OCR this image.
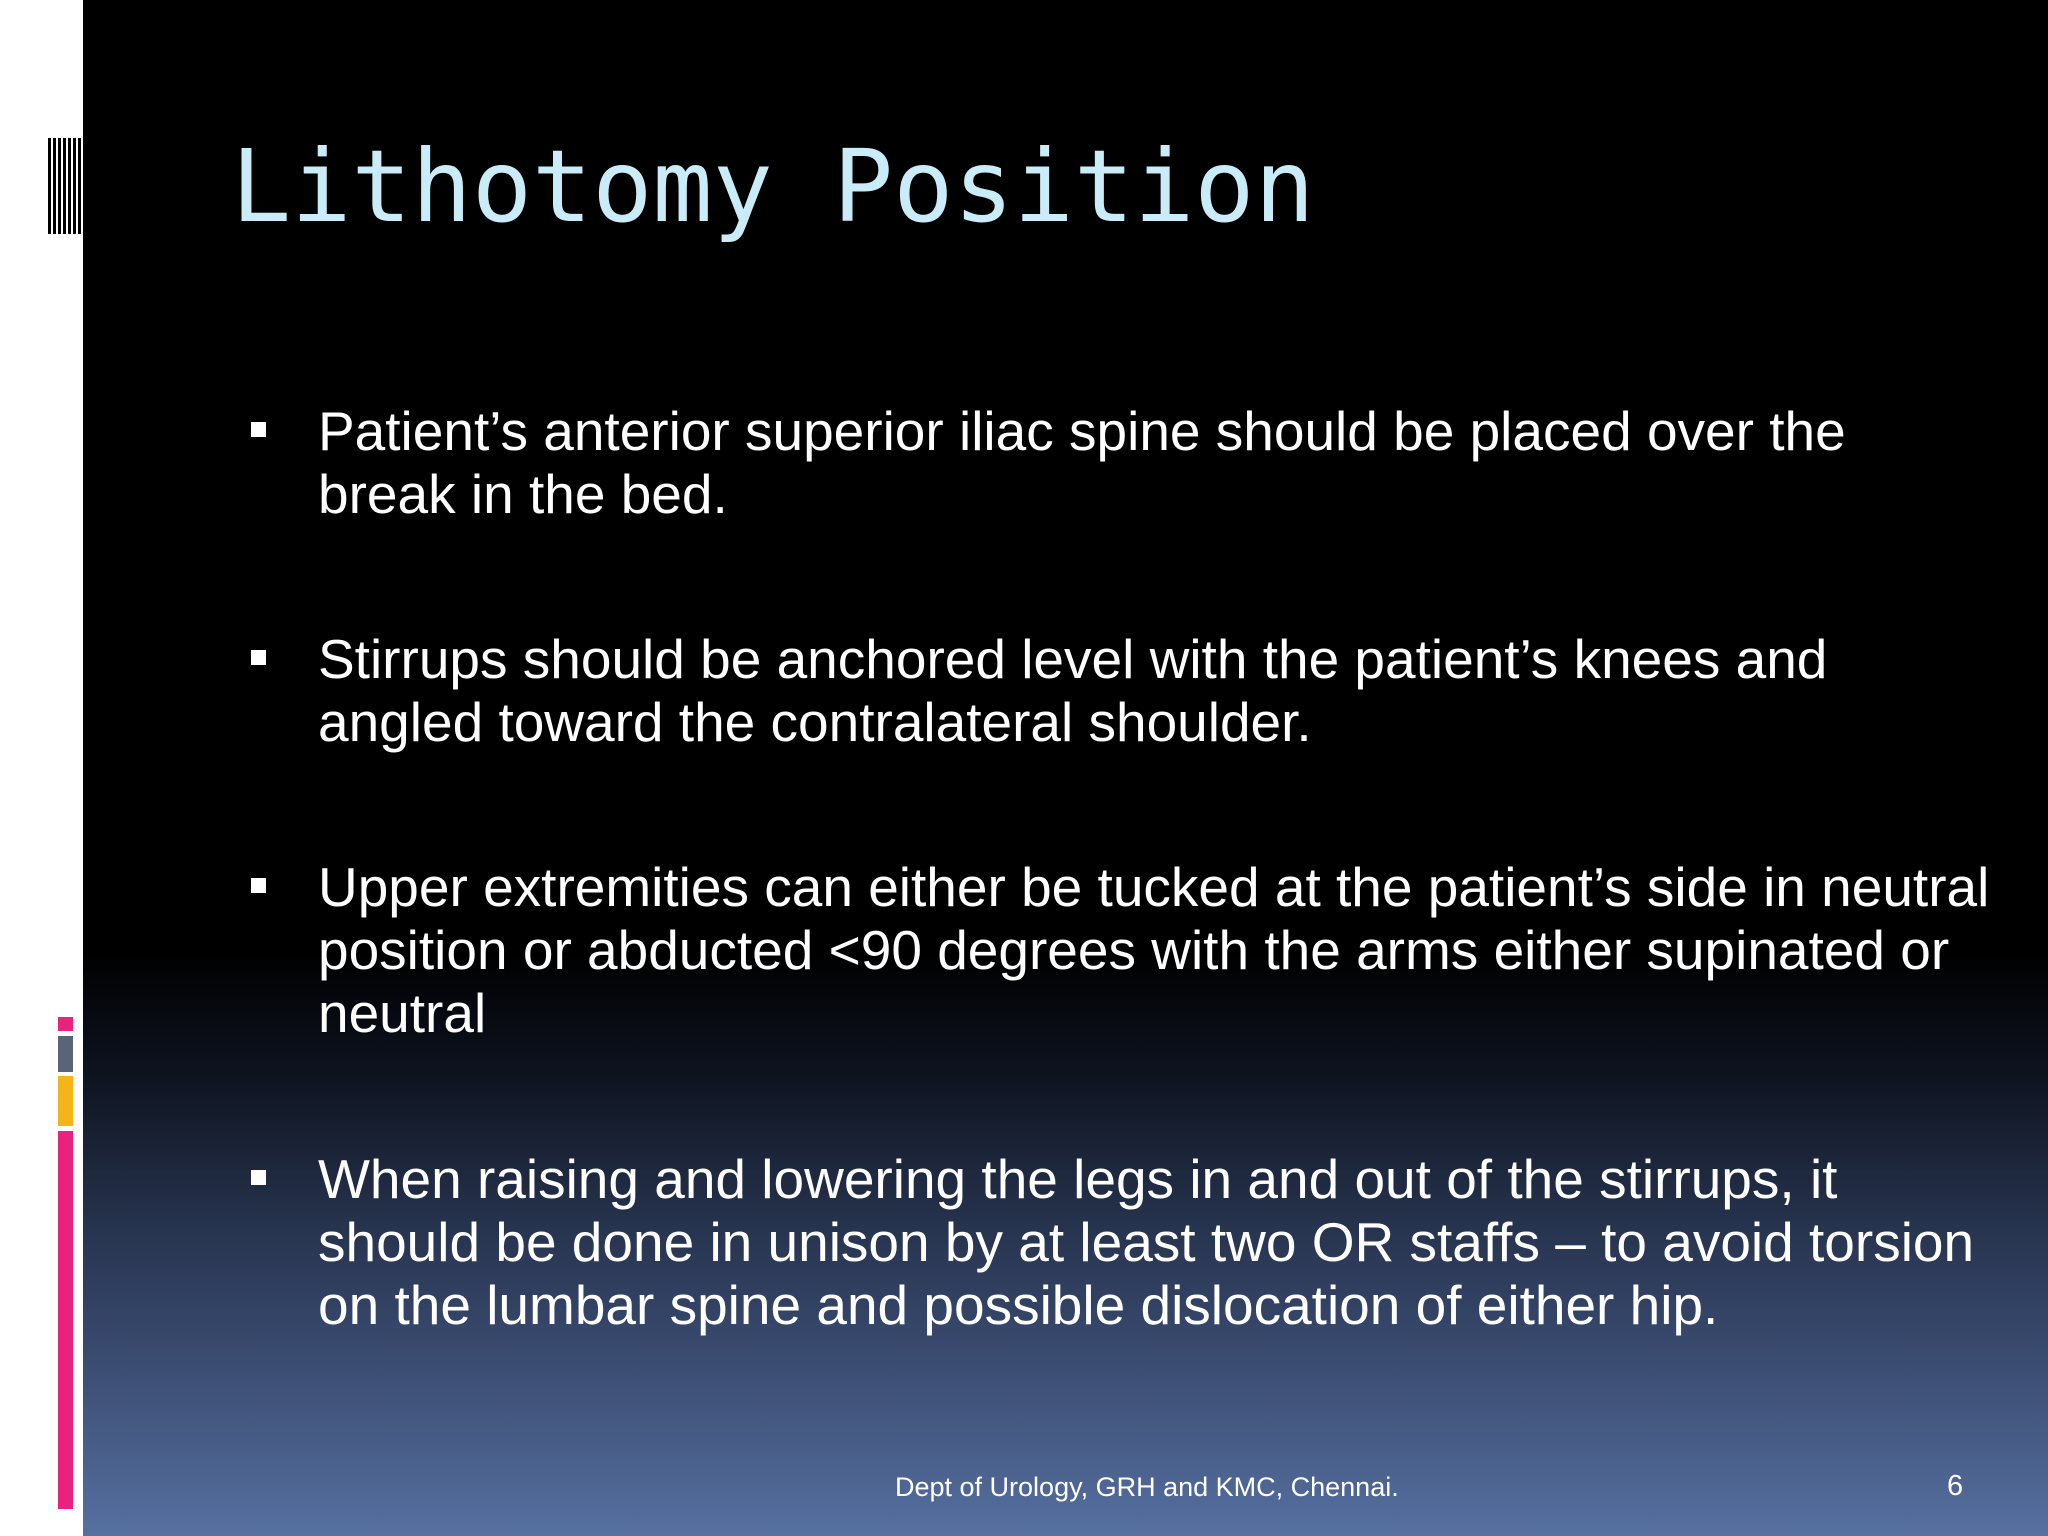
Lithotomy Position
Patient’s anterior superior iliac spine should be placed over the break in the bed.
Stirrups should be anchored level with the patient’s knees and angled toward the contralateral shoulder.
Upper extremities can either be tucked at the patient’s side in neutral position or abducted <90 degrees with the arms either supinated or neutral
When raising and lowering the legs in and out of the stirrups, it should be done in unison by at least two OR staffs – to avoid torsion on the lumbar spine and possible dislocation of either hip.
Dept of Urology, GRH and KMC, Chennai.	6
